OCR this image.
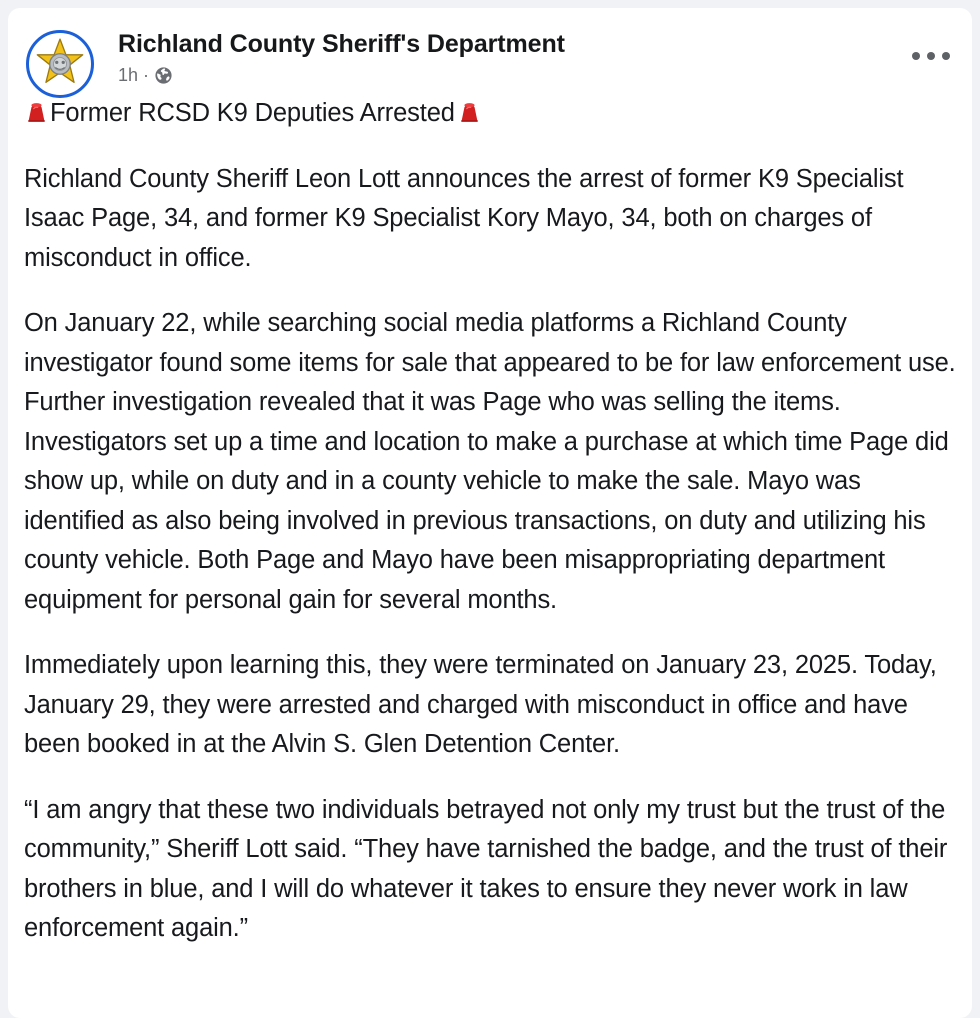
Richland County Sheriff's Department
1h ·

Former RCSD K9 Deputies Arrested

Richland County Sheriff Leon Lott announces the arrest of former K9 Specialist Isaac Page, 34, and former K9 Specialist Kory Mayo, 34, both on charges of misconduct in office.

On January 22, while searching social media platforms a Richland County investigator found some items for sale that appeared to be for law enforcement use. Further investigation revealed that it was Page who was selling the items. Investigators set up a time and location to make a purchase at which time Page did show up, while on duty and in a county vehicle to make the sale. Mayo was identified as also being involved in previous transactions, on duty and utilizing his county vehicle. Both Page and Mayo have been misappropriating department equipment for personal gain for several months.

Immediately upon learning this, they were terminated on January 23, 2025. Today, January 29, they were arrested and charged with misconduct in office and have been booked in at the Alvin S. Glen Detention Center.

“I am angry that these two individuals betrayed not only my trust but the trust of the community,” Sheriff Lott said. “They have tarnished the badge, and the trust of their brothers in blue, and I will do whatever it takes to ensure they never work in law enforcement again.”
